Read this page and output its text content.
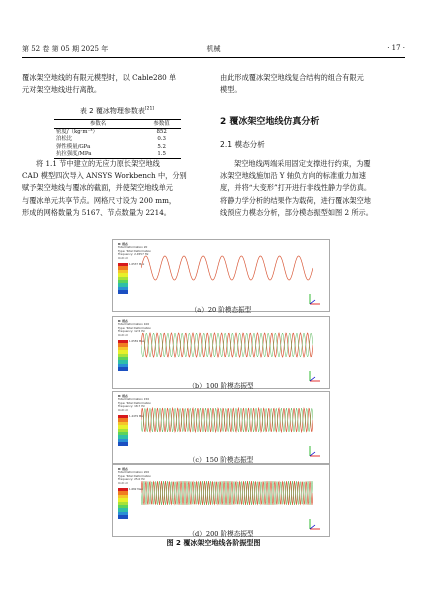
第 52 卷 第 05 期 2025 年	机械	· 17 ·

覆冰架空地线的有限元模型时，以 Cable280 单

元对架空地线进行离散。

由此形成覆冰架空地线复合结构的组合有限元

模型。

表 2 覆冰物理参数表[21]
参数名	参数值
密度/（kg·m⁻³）	852
泊松比	0.3
弹性模量/GPa	5.2
抗拉强度/MPa	1.5

将 1.1 节中建立的无应力原长架空地线

CAD 模型四次导入 ANSYS Workbench 中，分别

赋予架空地线与覆冰的截面，并使架空地线单元

与覆冰单元共享节点。网格尺寸设为 200 mm，

形成的网格数量为 5167、节点数量为 2214。

2 覆冰架空地线仿真分析
2.1 模态分析

架空地线两端采用固定支撑进行约束，为覆

冰架空地线施加沿 Y 轴负方向的标准重力加速

度，并将“大变形”打开进行非线性静力学仿真。

将静力学分析的结果作为载荷，进行覆冰架空地

线预应力模态分析，部分模态振型如图 2 所示。

B: 模态
Total Deformation 20
Type: Total Deformation
Frequency: 2.4557 Hz
Unit: m
1.0537 Max
（a）20 阶模态振型
B: 模态
Total Deformation 100
Type: Total Deformation
Frequency: 12.5 Hz
Unit: m
1.0559 Max
（b）100 阶模态振型
B: 模态
Total Deformation 150
Type: Total Deformation
Frequency: 18.7 Hz
Unit: m
1.4479 Max
（c）150 阶模态振型
B: 模态
Total Deformation 200
Type: Total Deformation
Frequency: 25.0 Hz
Unit: m
1.682 Max
（d）200 阶模态振型
图 2 覆冰架空地线各阶振型图
